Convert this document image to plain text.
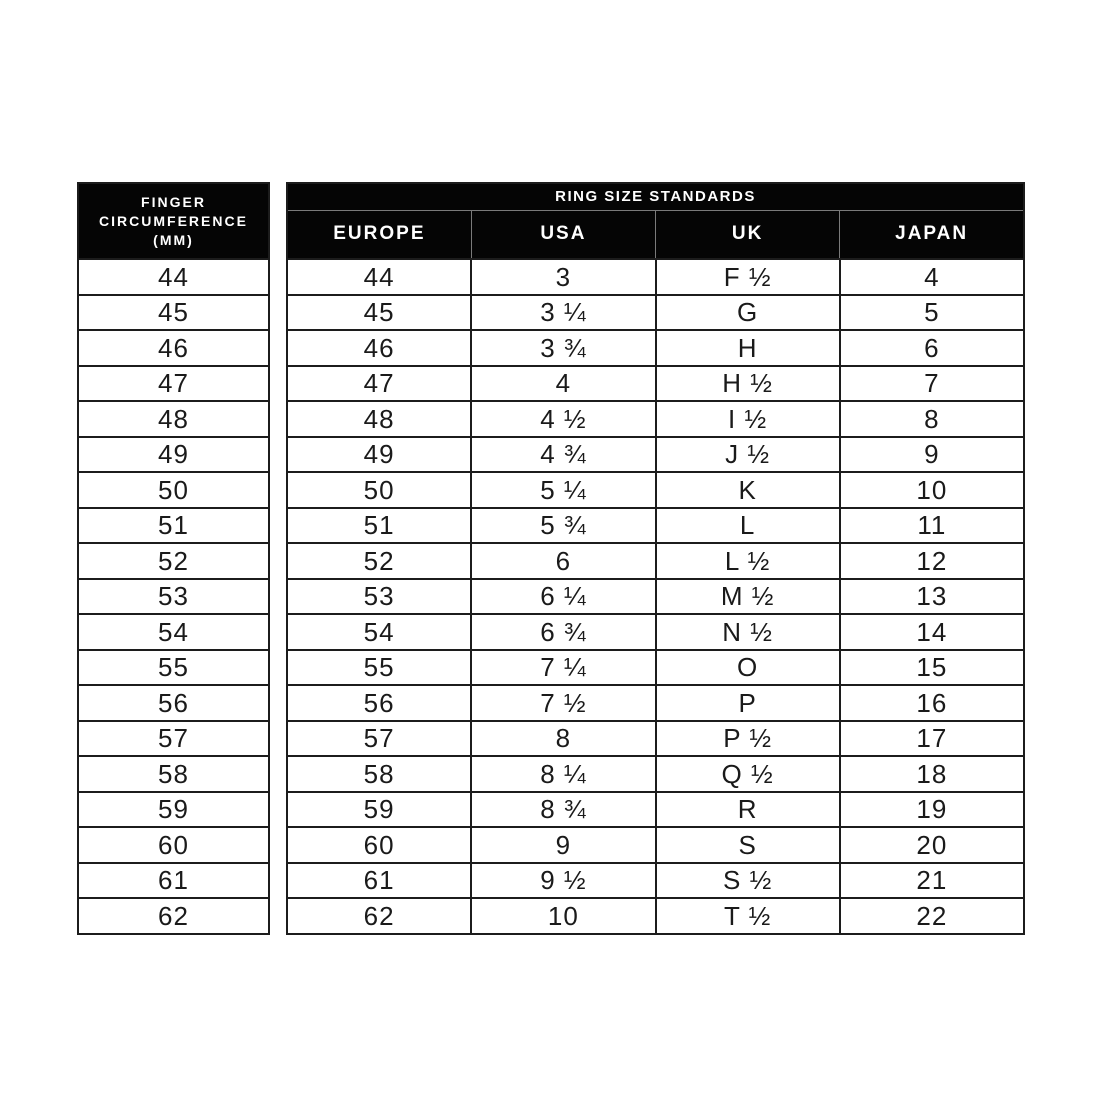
FINGER
CIRCUMFERENCE
(MM)

44
45
46
47
48
49
50
51
52
53
54
55
56
57
58
59
60
61
62
RING SIZE STANDARDS			
EUROPE	USA	UK	JAPAN
44	3	F ½	4
45	3 ¼	G	5
46	3 ¾	H	6
47	4	H ½	7
48	4 ½	I ½	8
49	4 ¾	J ½	9
50	5 ¼	K	10
51	5 ¾	L	11
52	6	L ½	12
53	6 ¼	M ½	13
54	6 ¾	N ½	14
55	7 ¼	O	15
56	7 ½	P	16
57	8	P ½	17
58	8 ¼	Q ½	18
59	8 ¾	R	19
60	9	S	20
61	9 ½	S ½	21
62	10	T ½	22
